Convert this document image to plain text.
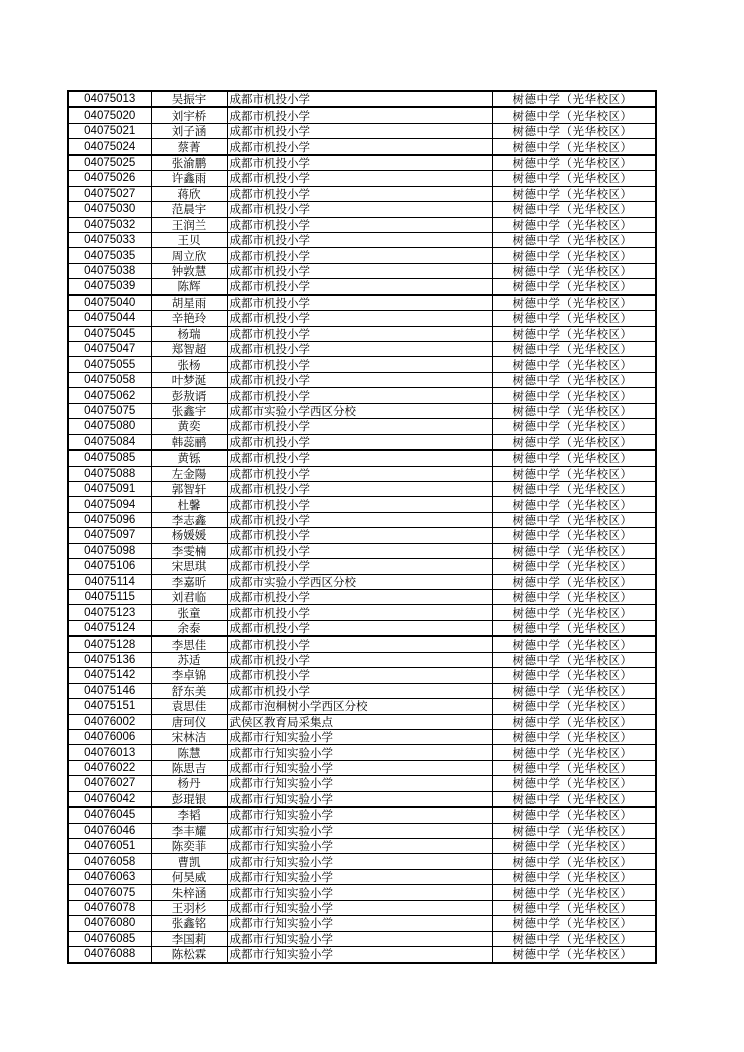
04075013	吴振宇	成都市机投小学	树德中学（光华校区）
04075020	刘宇桥	成都市机投小学	树德中学（光华校区）
04075021	刘子涵	成都市机投小学	树德中学（光华校区）
04075024	蔡菁	成都市机投小学	树德中学（光华校区）
04075025	张渝鹏	成都市机投小学	树德中学（光华校区）
04075026	许鑫雨	成都市机投小学	树德中学（光华校区）
04075027	蒋欣	成都市机投小学	树德中学（光华校区）
04075030	范晨宇	成都市机投小学	树德中学（光华校区）
04075032	王润兰	成都市机投小学	树德中学（光华校区）
04075033	王贝	成都市机投小学	树德中学（光华校区）
04075035	周立欣	成都市机投小学	树德中学（光华校区）
04075038	钟敦慧	成都市机投小学	树德中学（光华校区）
04075039	陈辉	成都市机投小学	树德中学（光华校区）
04075040	胡星雨	成都市机投小学	树德中学（光华校区）
04075044	辛艳玲	成都市机投小学	树德中学（光华校区）
04075045	杨瑞	成都市机投小学	树德中学（光华校区）
04075047	郑智超	成都市机投小学	树德中学（光华校区）
04075055	张杨	成都市机投小学	树德中学（光华校区）
04075058	叶梦涎	成都市机投小学	树德中学（光华校区）
04075062	彭敖谞	成都市机投小学	树德中学（光华校区）
04075075	张鑫宇	成都市实验小学西区分校	树德中学（光华校区）
04075080	黄奕	成都市机投小学	树德中学（光华校区）
04075084	韩蕊鹂	成都市机投小学	树德中学（光华校区）
04075085	黄铄	成都市机投小学	树德中学（光华校区）
04075088	左金陽	成都市机投小学	树德中学（光华校区）
04075091	郭智轩	成都市机投小学	树德中学（光华校区）
04075094	杜馨	成都市机投小学	树德中学（光华校区）
04075096	李志鑫	成都市机投小学	树德中学（光华校区）
04075097	杨媛媛	成都市机投小学	树德中学（光华校区）
04075098	李雯楠	成都市机投小学	树德中学（光华校区）
04075106	宋思琪	成都市机投小学	树德中学（光华校区）
04075114	李嘉昕	成都市实验小学西区分校	树德中学（光华校区）
04075115	刘君临	成都市机投小学	树德中学（光华校区）
04075123	张童	成都市机投小学	树德中学（光华校区）
04075124	余泰	成都市机投小学	树德中学（光华校区）
04075128	李思佳	成都市机投小学	树德中学（光华校区）
04075136	苏适	成都市机投小学	树德中学（光华校区）
04075142	李卓锦	成都市机投小学	树德中学（光华校区）
04075146	舒东美	成都市机投小学	树德中学（光华校区）
04075151	袁思佳	成都市泡桐树小学西区分校	树德中学（光华校区）
04076002	唐珂仪	武侯区教育局采集点	树德中学（光华校区）
04076006	宋林洁	成都市行知实验小学	树德中学（光华校区）
04076013	陈慧	成都市行知实验小学	树德中学（光华校区）
04076022	陈思吉	成都市行知实验小学	树德中学（光华校区）
04076027	杨丹	成都市行知实验小学	树德中学（光华校区）
04076042	彭琨银	成都市行知实验小学	树德中学（光华校区）
04076045	李韬	成都市行知实验小学	树德中学（光华校区）
04076046	李丰耀	成都市行知实验小学	树德中学（光华校区）
04076051	陈奕菲	成都市行知实验小学	树德中学（光华校区）
04076058	曹凯	成都市行知实验小学	树德中学（光华校区）
04076063	何昊威	成都市行知实验小学	树德中学（光华校区）
04076075	朱梓涵	成都市行知实验小学	树德中学（光华校区）
04076078	王羽杉	成都市行知实验小学	树德中学（光华校区）
04076080	张鑫铭	成都市行知实验小学	树德中学（光华校区）
04076085	李国莉	成都市行知实验小学	树德中学（光华校区）
04076088	陈松霖	成都市行知实验小学	树德中学（光华校区）
